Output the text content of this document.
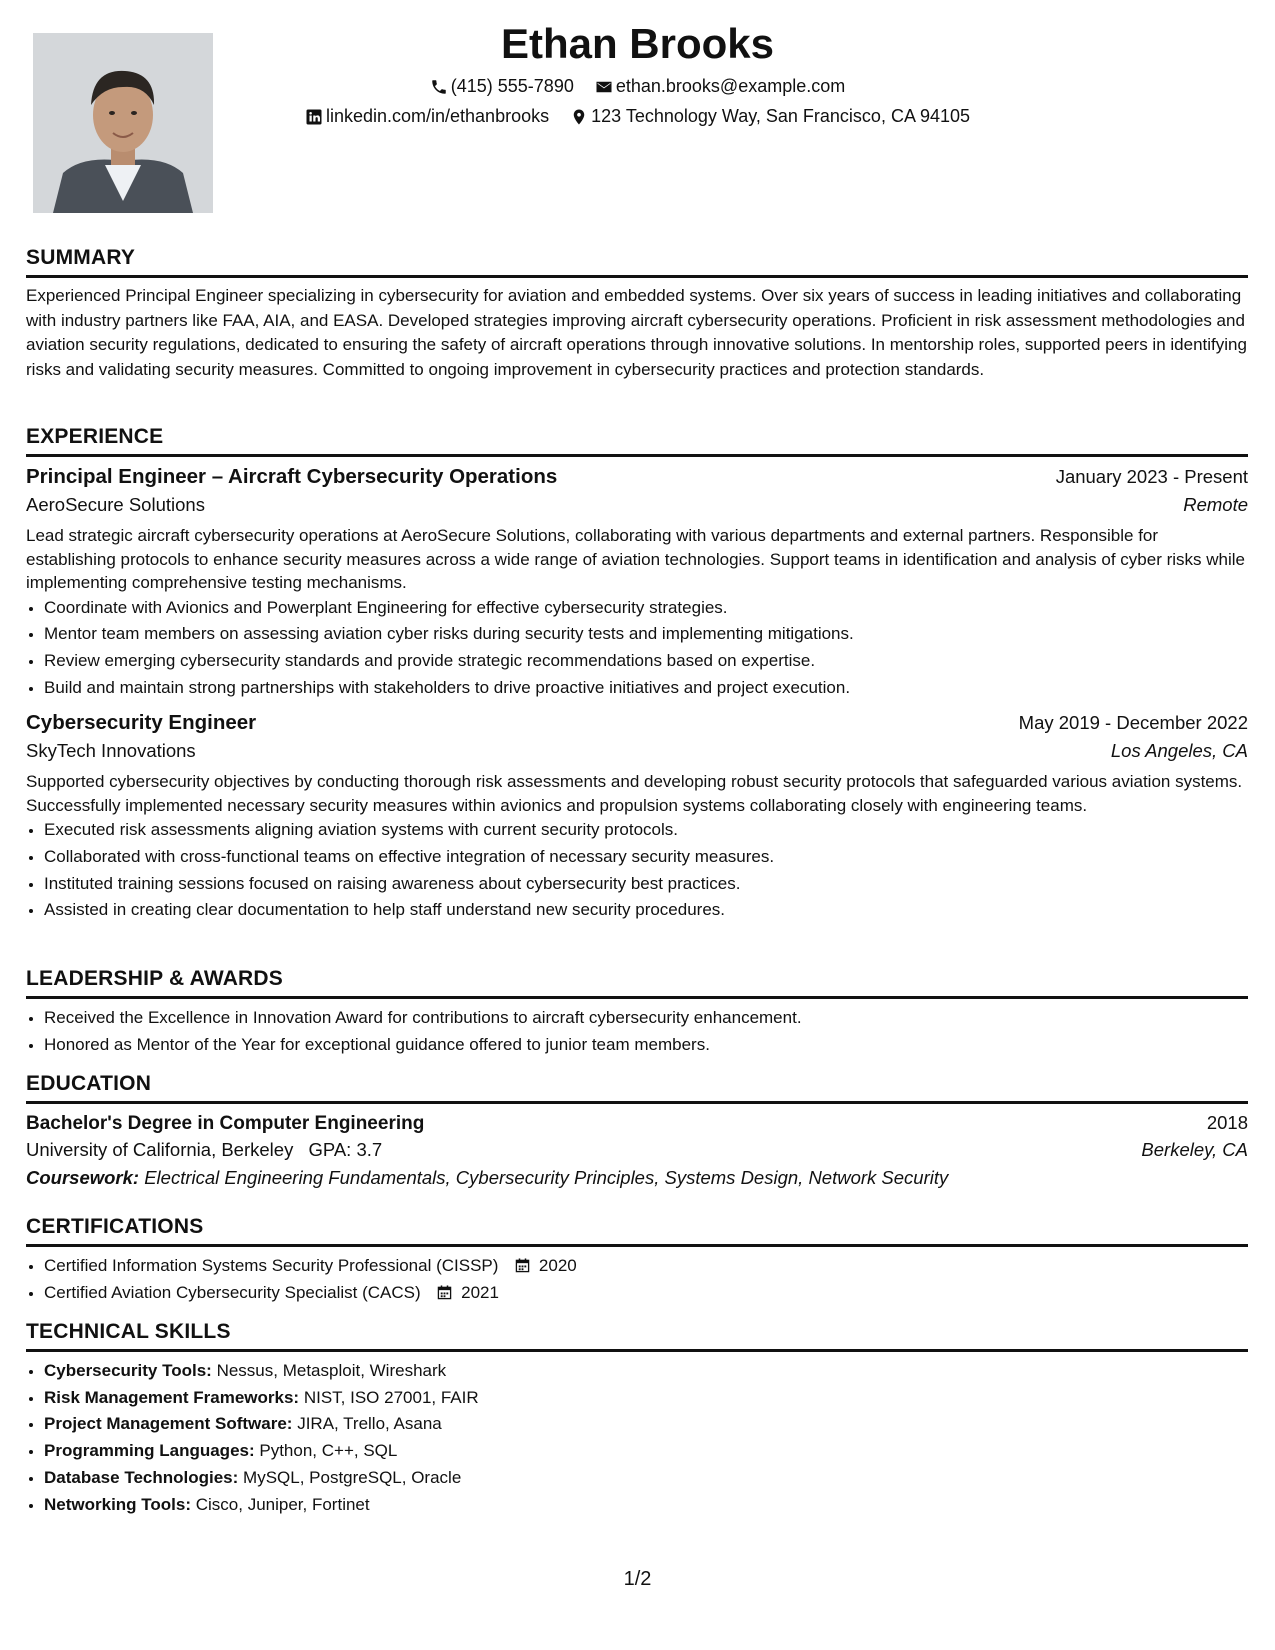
Ethan Brooks
(415) 555-7890
ethan.brooks@example.com
linkedin.com/in/ethanbrooks
123 Technology Way, San Francisco, CA 94105
SUMMARY
Experienced Principal Engineer specializing in cybersecurity for aviation and embedded systems. Over six years of success in leading initiatives and collaborating with industry partners like FAA, AIA, and EASA. Developed strategies improving aircraft cybersecurity operations. Proficient in risk assessment methodologies and aviation security regulations, dedicated to ensuring the safety of aircraft operations through innovative solutions. In mentorship roles, supported peers in identifying risks and validating security measures. Committed to ongoing improvement in cybersecurity practices and protection standards.
EXPERIENCE
Principal Engineer – Aircraft Cybersecurity Operations	January 2023 - Present
AeroSecure Solutions	Remote
Lead strategic aircraft cybersecurity operations at AeroSecure Solutions, collaborating with various departments and external partners. Responsible for establishing protocols to enhance security measures across a wide range of aviation technologies. Support teams in identification and analysis of cyber risks while implementing comprehensive testing mechanisms.
• Coordinate with Avionics and Powerplant Engineering for effective cybersecurity strategies.
• Mentor team members on assessing aviation cyber risks during security tests and implementing mitigations.
• Review emerging cybersecurity standards and provide strategic recommendations based on expertise.
• Build and maintain strong partnerships with stakeholders to drive proactive initiatives and project execution.
Cybersecurity Engineer	May 2019 - December 2022
SkyTech Innovations	Los Angeles, CA
Supported cybersecurity objectives by conducting thorough risk assessments and developing robust security protocols that safeguarded various aviation systems. Successfully implemented necessary security measures within avionics and propulsion systems collaborating closely with engineering teams.
• Executed risk assessments aligning aviation systems with current security protocols.
• Collaborated with cross-functional teams on effective integration of necessary security measures.
• Instituted training sessions focused on raising awareness about cybersecurity best practices.
• Assisted in creating clear documentation to help staff understand new security procedures.
LEADERSHIP & AWARDS
• Received the Excellence in Innovation Award for contributions to aircraft cybersecurity enhancement.
• Honored as Mentor of the Year for exceptional guidance offered to junior team members.
EDUCATION
Bachelor's Degree in Computer Engineering	2018
University of California, Berkeley GPA: 3.7	Berkeley, CA
Coursework: Electrical Engineering Fundamentals, Cybersecurity Principles, Systems Design, Network Security
CERTIFICATIONS
• Certified Information Systems Security Professional (CISSP) 2020
• Certified Aviation Cybersecurity Specialist (CACS) 2021
TECHNICAL SKILLS
• Cybersecurity Tools: Nessus, Metasploit, Wireshark
• Risk Management Frameworks: NIST, ISO 27001, FAIR
• Project Management Software: JIRA, Trello, Asana
• Programming Languages: Python, C++, SQL
• Database Technologies: MySQL, PostgreSQL, Oracle
• Networking Tools: Cisco, Juniper, Fortinet
1/2
